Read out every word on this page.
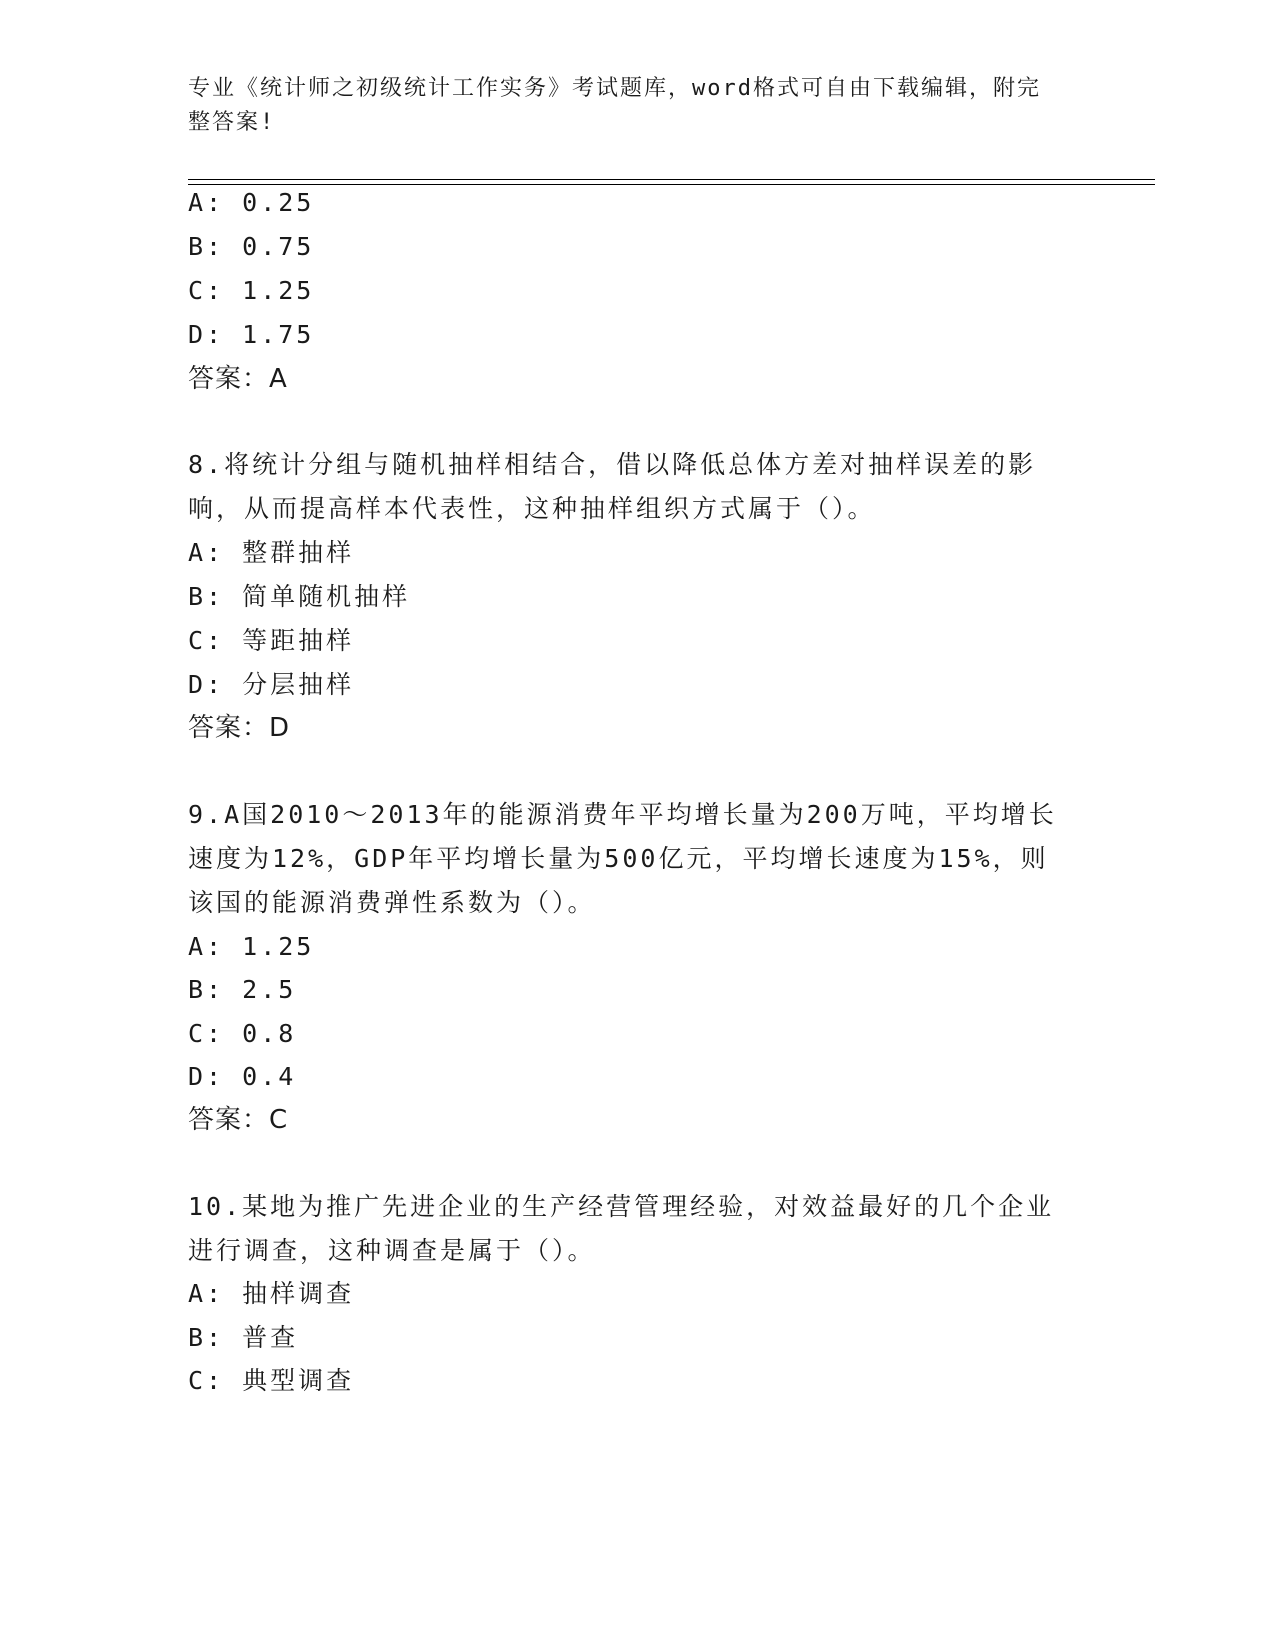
专业《统计师之初级统计工作实务》考试题库，word格式可自由下载编辑，附完
整答案!
A: 0.25
B: 0.75
C: 1.25
D: 1.75
答案：A
8.将统计分组与随机抽样相结合，借以降低总体方差对抽样误差的影
响，从而提高样本代表性，这种抽样组织方式属于（）。
A: 整群抽样
B: 简单随机抽样
C: 等距抽样
D: 分层抽样
答案：D
9.A国2010～2013年的能源消费年平均增长量为200万吨，平均增长
速度为12%，GDP年平均增长量为500亿元，平均增长速度为15%，则
该国的能源消费弹性系数为（）。
A: 1.25
B: 2.5
C: 0.8
D: 0.4
答案：C
10.某地为推广先进企业的生产经营管理经验，对效益最好的几个企业
进行调查，这种调查是属于（）。
A: 抽样调查
B: 普查
C: 典型调查
